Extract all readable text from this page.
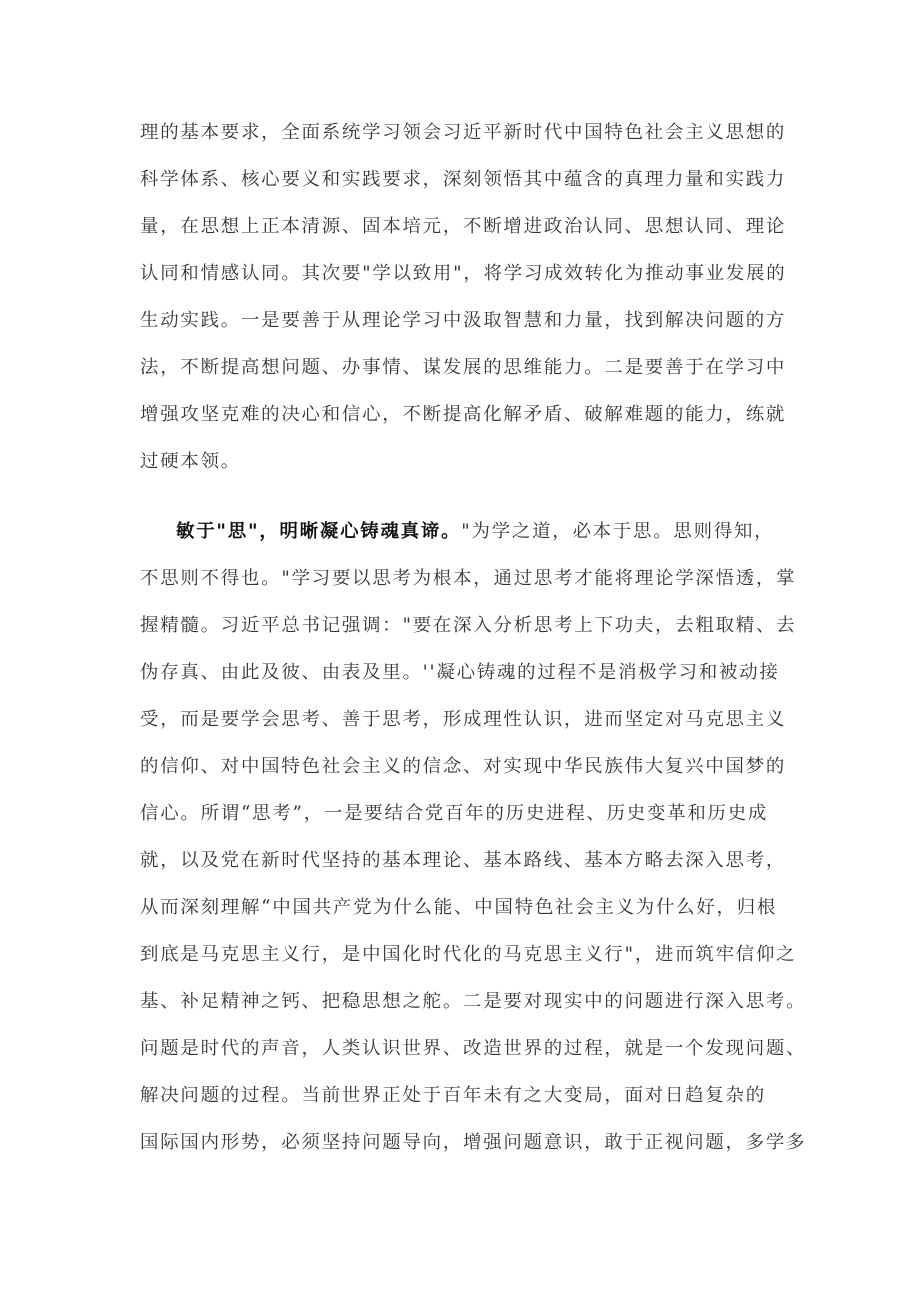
理的基本要求，全面系统学习领会习近平新时代中国特色社会主义思想的
科学体系、核心要义和实践要求，深刻领悟其中蕴含的真理力量和实践力
量，在思想上正本清源、固本培元，不断增进政治认同、思想认同、理论
认同和情感认同。其次要"学以致用"，将学习成效转化为推动事业发展的
生动实践。一是要善于从理论学习中汲取智慧和力量，找到解决问题的方
法，不断提高想问题、办事情、谋发展的思维能力。二是要善于在学习中
增强攻坚克难的决心和信心，不断提高化解矛盾、破解难题的能力，练就
过硬本领。
敏于"思"，明晰凝心铸魂真谛。"为学之道，必本于思。思则得知，
不思则不得也。"学习要以思考为根本，通过思考才能将理论学深悟透，掌
握精髓。习近平总书记强调："要在深入分析思考上下功夫，去粗取精、去
伪存真、由此及彼、由表及里。''凝心铸魂的过程不是消极学习和被动接
受，而是要学会思考、善于思考，形成理性认识，进而坚定对马克思主义
的信仰、对中国特色社会主义的信念、对实现中华民族伟大复兴中国梦的
信心。所谓“思考”，一是要结合党百年的历史进程、历史变革和历史成
就，以及党在新时代坚持的基本理论、基本路线、基本方略去深入思考，
从而深刻理解“中国共产党为什么能、中国特色社会主义为什么好，归根
到底是马克思主义行，是中国化时代化的马克思主义行"，进而筑牢信仰之
基、补足精神之钙、把稳思想之舵。二是要对现实中的问题进行深入思考。
问题是时代的声音，人类认识世界、改造世界的过程，就是一个发现问题、
解决问题的过程。当前世界正处于百年未有之大变局，面对日趋复杂的
国际国内形势，必须坚持问题导向，增强问题意识，敢于正视问题，多学多
